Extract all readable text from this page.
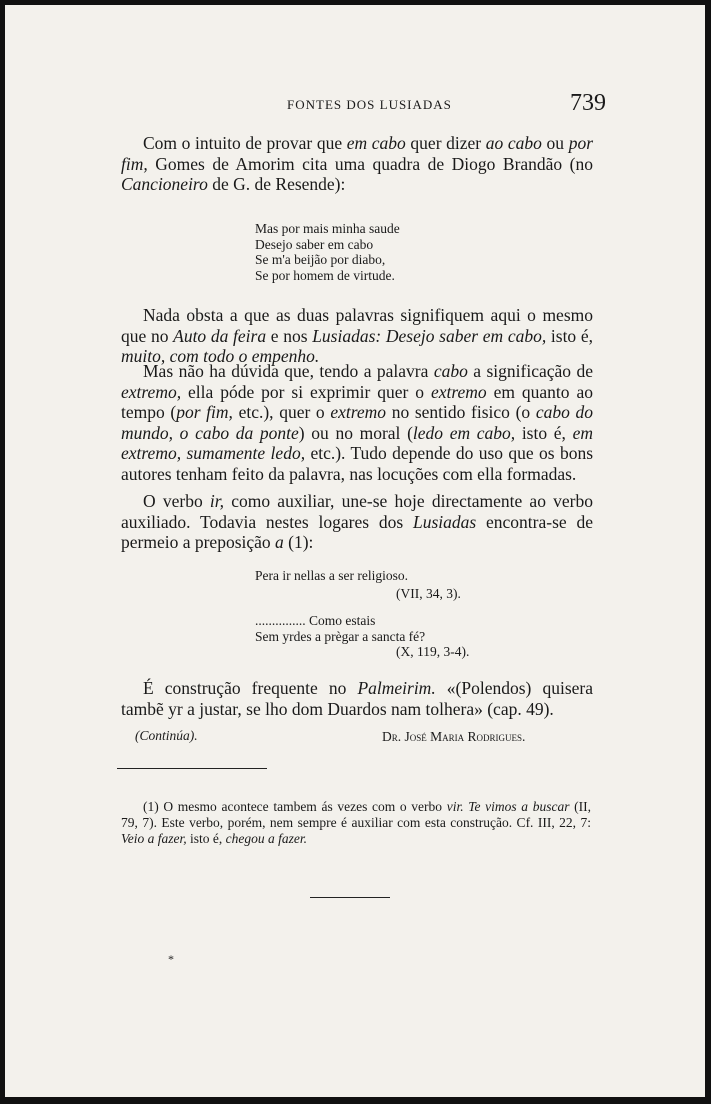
FONTES DOS LUSIADAS	739

Com o intuito de provar que em cabo quer dizer ao cabo ou por fim, Gomes de Amorim cita uma quadra de Diogo Brandão (no Cancioneiro de G. de Resende):

Mas por mais minha saude
Desejo saber em cabo
Se m'a beijão por diabo,
Se por homem de virtude.

Nada obsta a que as duas palavras signifiquem aqui o mesmo que no Auto da feira e nos Lusiadas: Desejo saber em cabo, isto é, muito, com todo o empenho.

Mas não ha dúvida que, tendo a palavra cabo a significação de extremo, ella póde por si exprimir quer o extremo em quanto ao tempo (por fim, etc.), quer o extremo no sentido fisico (o cabo do mundo, o cabo da ponte) ou no moral (ledo em cabo, isto é, em extremo, sumamente ledo, etc.). Tudo depende do uso que os bons autores tenham feito da palavra, nas locuções com ella formadas.

O verbo ir, como auxiliar, une-se hoje directamente ao verbo auxiliado. Todavia nestes logares dos Lusiadas encontra-se de permeio a preposição a (1):

Pera ir nellas a ser religioso.

(VII, 34, 3).

............... Como estais
Sem yrdes a prègar a sancta fé?

(X, 119, 3-4).

É construção frequente no Palmeirim. «(Polendos) quisera tambẽ yr a justar, se lho dom Duardos nam tolhera» (cap. 49).

(Continúa).	Dr. José Maria Rodrigues.

(1) O mesmo acontece tambem ás vezes com o verbo vir. Te vimos a buscar (II, 79, 7). Este verbo, porém, nem sempre é auxiliar com esta construção. Cf. III, 22, 7: Veio a fazer, isto é, chegou a fazer.

*
